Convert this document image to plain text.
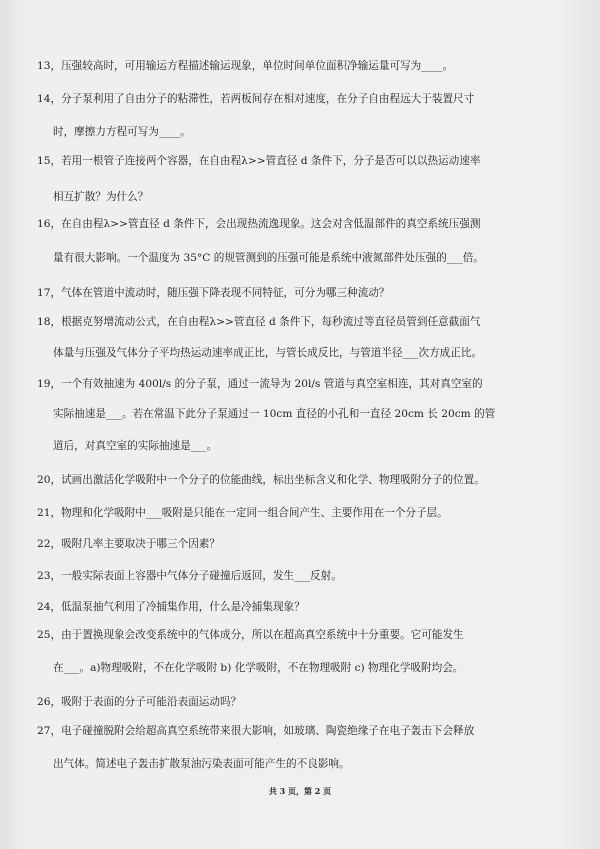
13，压强较高时，可用输运方程描述输运现象，单位时间单位面积净输运量可写为____。
14，分子泵利用了自由分子的粘滞性，若两板间存在相对速度，在分子自由程远大于装置尺寸
时，摩擦力方程可写为____。
15，若用一根管子连接两个容器，在自由程λ>>管直径 d 条件下，分子是否可以以热运动速率
相互扩散？为什么？
16，在自由程λ>>管直径 d 条件下，会出现热流逸现象。这会对含低温部件的真空系统压强测
量有很大影响。一个温度为 35°C 的规管测到的压强可能是系统中液氮部件处压强的___倍。
17，气体在管道中流动时，随压强下降表现不同特征，可分为哪三种流动？
18，根据克努增流动公式，在自由程λ>>管直径 d 条件下，每秒流过等直径员管到任意截面气
体量与压强及气体分子平均热运动速率成正比，与管长成反比，与管道半径___次方成正比。
19，一个有效抽速为 400l/s 的分子泵，通过一流导为 20l/s 管道与真空室相连，其对真空室的
实际抽速是___。若在常温下此分子泵通过一 10cm 直径的小孔和一直径 20cm 长 20cm 的管
道后，对真空室的实际抽速是___。
20，试画出激活化学吸附中一个分子的位能曲线，标出坐标含义和化学、物理吸附分子的位置。
21，物理和化学吸附中___吸附是只能在一定同一组合间产生、主要作用在一个分子层。
22，吸附几率主要取决于哪三个因素？
23，一般实际表面上容器中气体分子碰撞后返回，发生___反射。
24，低温泵抽气利用了冷捕集作用，什么是冷捕集现象？
25，由于置换现象会改变系统中的气体成分，所以在超高真空系统中十分重要。它可能发生
在___。a)物理吸附，不在化学吸附 b) 化学吸附，不在物理吸附 c) 物理化学吸附均会。
26，吸附于表面的分子可能沿表面运动吗？
27，电子碰撞脱附会给超高真空系统带来很大影响，如玻璃、陶瓷绝缘子在电子轰击下会释放
出气体。简述电子轰击扩散泵油污染表面可能产生的不良影响。
共 3 页，第 2 页
